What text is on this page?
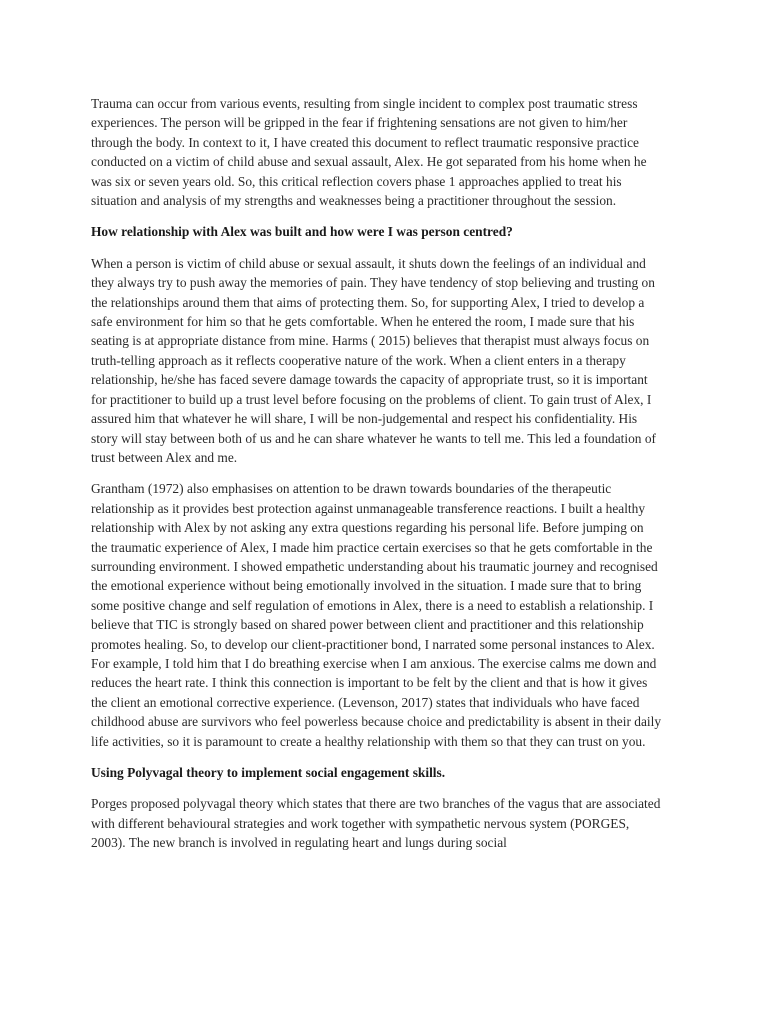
Trauma can occur from various events, resulting from single incident to complex post traumatic stress experiences. The person will be gripped in the fear if frightening sensations are not given to him/her through the body. In context to it, I have created this document to reflect traumatic responsive practice conducted on a victim of child abuse and sexual assault, Alex. He got separated from his home when he was six or seven years old. So, this critical reflection covers phase 1 approaches applied to treat his situation and analysis of my strengths and weaknesses being a practitioner throughout the session.

How relationship with Alex was built and how were I was person centred?

When a person is victim of child abuse or sexual assault, it shuts down the feelings of an individual and they always try to push away the memories of pain. They have tendency of stop believing and trusting on the relationships around them that aims of protecting them. So, for supporting Alex, I tried to develop a safe environment for him so that he gets comfortable. When he entered the room, I made sure that his seating is at appropriate distance from mine. Harms ( 2015) believes that therapist must always focus on truth-telling approach as it reflects cooperative nature of the work. When a client enters in a therapy relationship, he/she has faced severe damage towards the capacity of appropriate trust, so it is important for practitioner to build up a trust level before focusing on the problems of client. To gain trust of Alex, I assured him that whatever he will share, I will be non-judgemental and respect his confidentiality. His story will stay between both of us and he can share whatever he wants to tell me. This led a foundation of trust between Alex and me.

Grantham (1972) also emphasises on attention to be drawn towards boundaries of the therapeutic relationship as it provides best protection against unmanageable transference reactions. I built a healthy relationship with Alex by not asking any extra questions regarding his personal life. Before jumping on the traumatic experience of Alex, I made him practice certain exercises so that he gets comfortable in the surrounding environment. I showed empathetic understanding about his traumatic journey and recognised the emotional experience without being emotionally involved in the situation. I made sure that to bring some positive change and self regulation of emotions in Alex, there is a need to establish a relationship. I believe that TIC is strongly based on shared power between client and practitioner and this relationship promotes healing. So, to develop our client-practitioner bond, I narrated some personal instances to Alex. For example, I told him that I do breathing exercise when I am anxious. The exercise calms me down and reduces the heart rate. I think this connection is important to be felt by the client and that is how it gives the client an emotional corrective experience. (Levenson, 2017) states that individuals who have faced childhood abuse are survivors who feel powerless because choice and predictability is absent in their daily life activities, so it is paramount to create a healthy relationship with them so that they can trust on you.

Using Polyvagal theory to implement social engagement skills.

Porges proposed polyvagal theory which states that there are two branches of the vagus that are associated with different behavioural strategies and work together with sympathetic nervous system (PORGES, 2003). The new branch is involved in regulating heart and lungs during social
